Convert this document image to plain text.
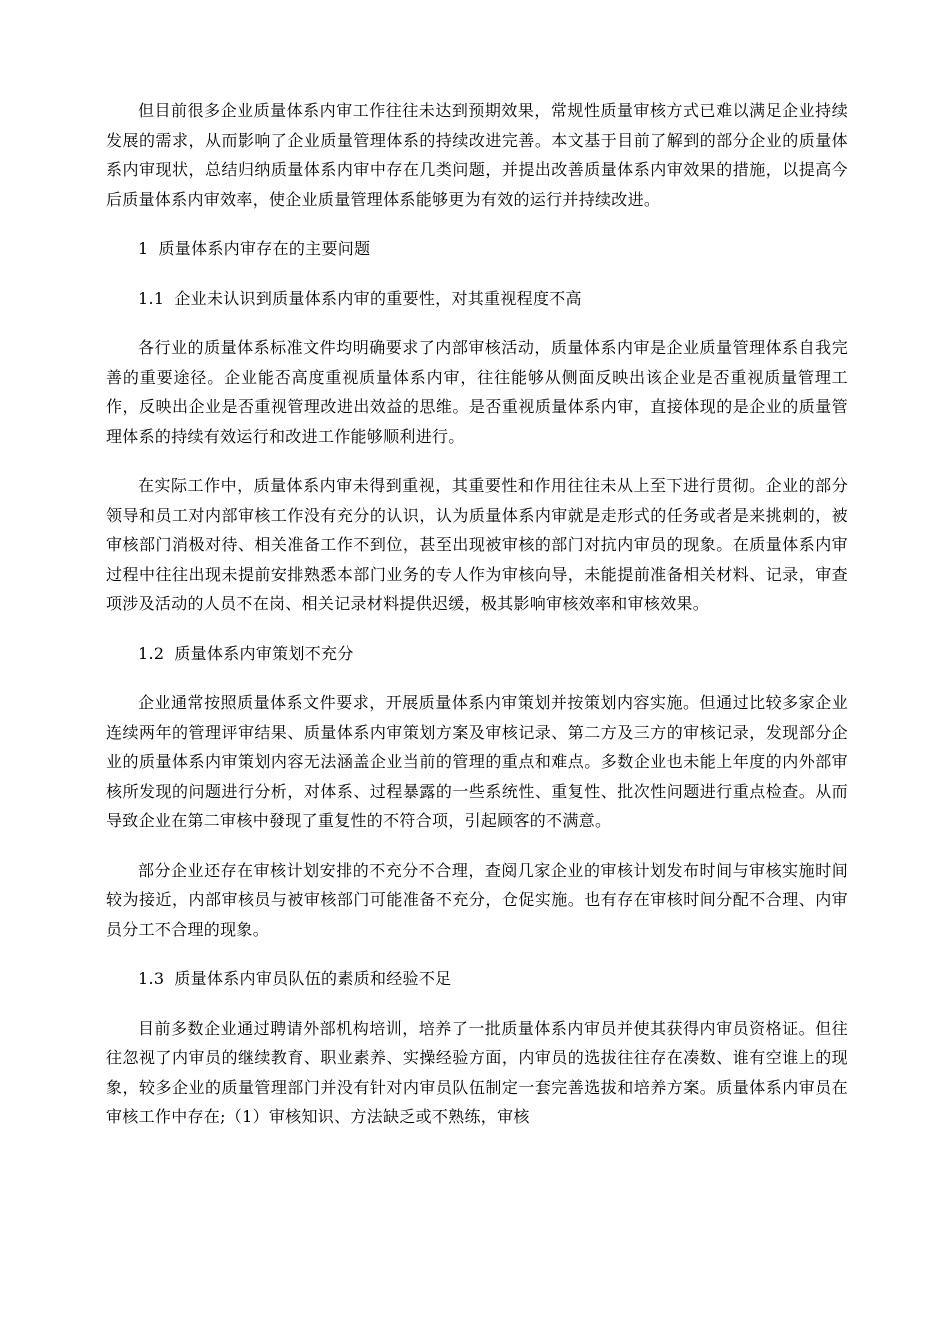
但目前很多企业质量体系内审工作往往未达到预期效果，常规性质量审核方式已难以满足企业持续发展的需求，从而影响了企业质量管理体系的持续改进完善。本文基于目前了解到的部分企业的质量体系内审现状，总结归纳质量体系内审中存在几类问题，并提出改善质量体系内审效果的措施，以提高今后质量体系内审效率，使企业质量管理体系能够更为有效的运行并持续改进。

1 质量体系内审存在的主要问题

1.1 企业未认识到质量体系内审的重要性，对其重视程度不高

各行业的质量体系标准文件均明确要求了内部审核活动，质量体系内审是企业质量管理体系自我完善的重要途径。企业能否高度重视质量体系内审，往往能够从侧面反映出该企业是否重视质量管理工作，反映出企业是否重视管理改进出效益的思维。是否重视质量体系内审，直接体现的是企业的质量管理体系的持续有效运行和改进工作能够顺利进行。

在实际工作中，质量体系内审未得到重视，其重要性和作用往往未从上至下进行贯彻。企业的部分领导和员工对内部审核工作没有充分的认识，认为质量体系内审就是走形式的任务或者是来挑刺的，被审核部门消极对待、相关准备工作不到位，甚至出现被审核的部门对抗内审员的现象。在质量体系内审过程中往往出现未提前安排熟悉本部门业务的专人作为审核向导，未能提前准备相关材料、记录，审查项涉及活动的人员不在岗、相关记录材料提供迟缓，极其影响审核效率和审核效果。

1.2 质量体系内审策划不充分

企业通常按照质量体系文件要求，开展质量体系内审策划并按策划内容实施。但通过比较多家企业连续两年的管理评审结果、质量体系内审策划方案及审核记录、第二方及三方的审核记录，发现部分企业的质量体系内审策划内容无法涵盖企业当前的管理的重点和难点。多数企业也未能上年度的内外部审核所发现的问题进行分析，对体系、过程暴露的一些系统性、重复性、批次性问题进行重点检查。从而导致企业在第二审核中發现了重复性的不符合项，引起顾客的不满意。

部分企业还存在审核计划安排的不充分不合理，查阅几家企业的审核计划发布时间与审核实施时间较为接近，内部审核员与被审核部门可能准备不充分，仓促实施。也有存在审核时间分配不合理、内审员分工不合理的现象。

1.3 质量体系内审员队伍的素质和经验不足

目前多数企业通过聘请外部机构培训，培养了一批质量体系内审员并使其获得内审员资格证。但往往忽视了内审员的继续教育、职业素养、实操经验方面，内审员的选拔往往存在凑数、谁有空谁上的现象，较多企业的质量管理部门并没有针对内审员队伍制定一套完善选拔和培养方案。质量体系内审员在审核工作中存在;（1）审核知识、方法缺乏或不熟练，审核
